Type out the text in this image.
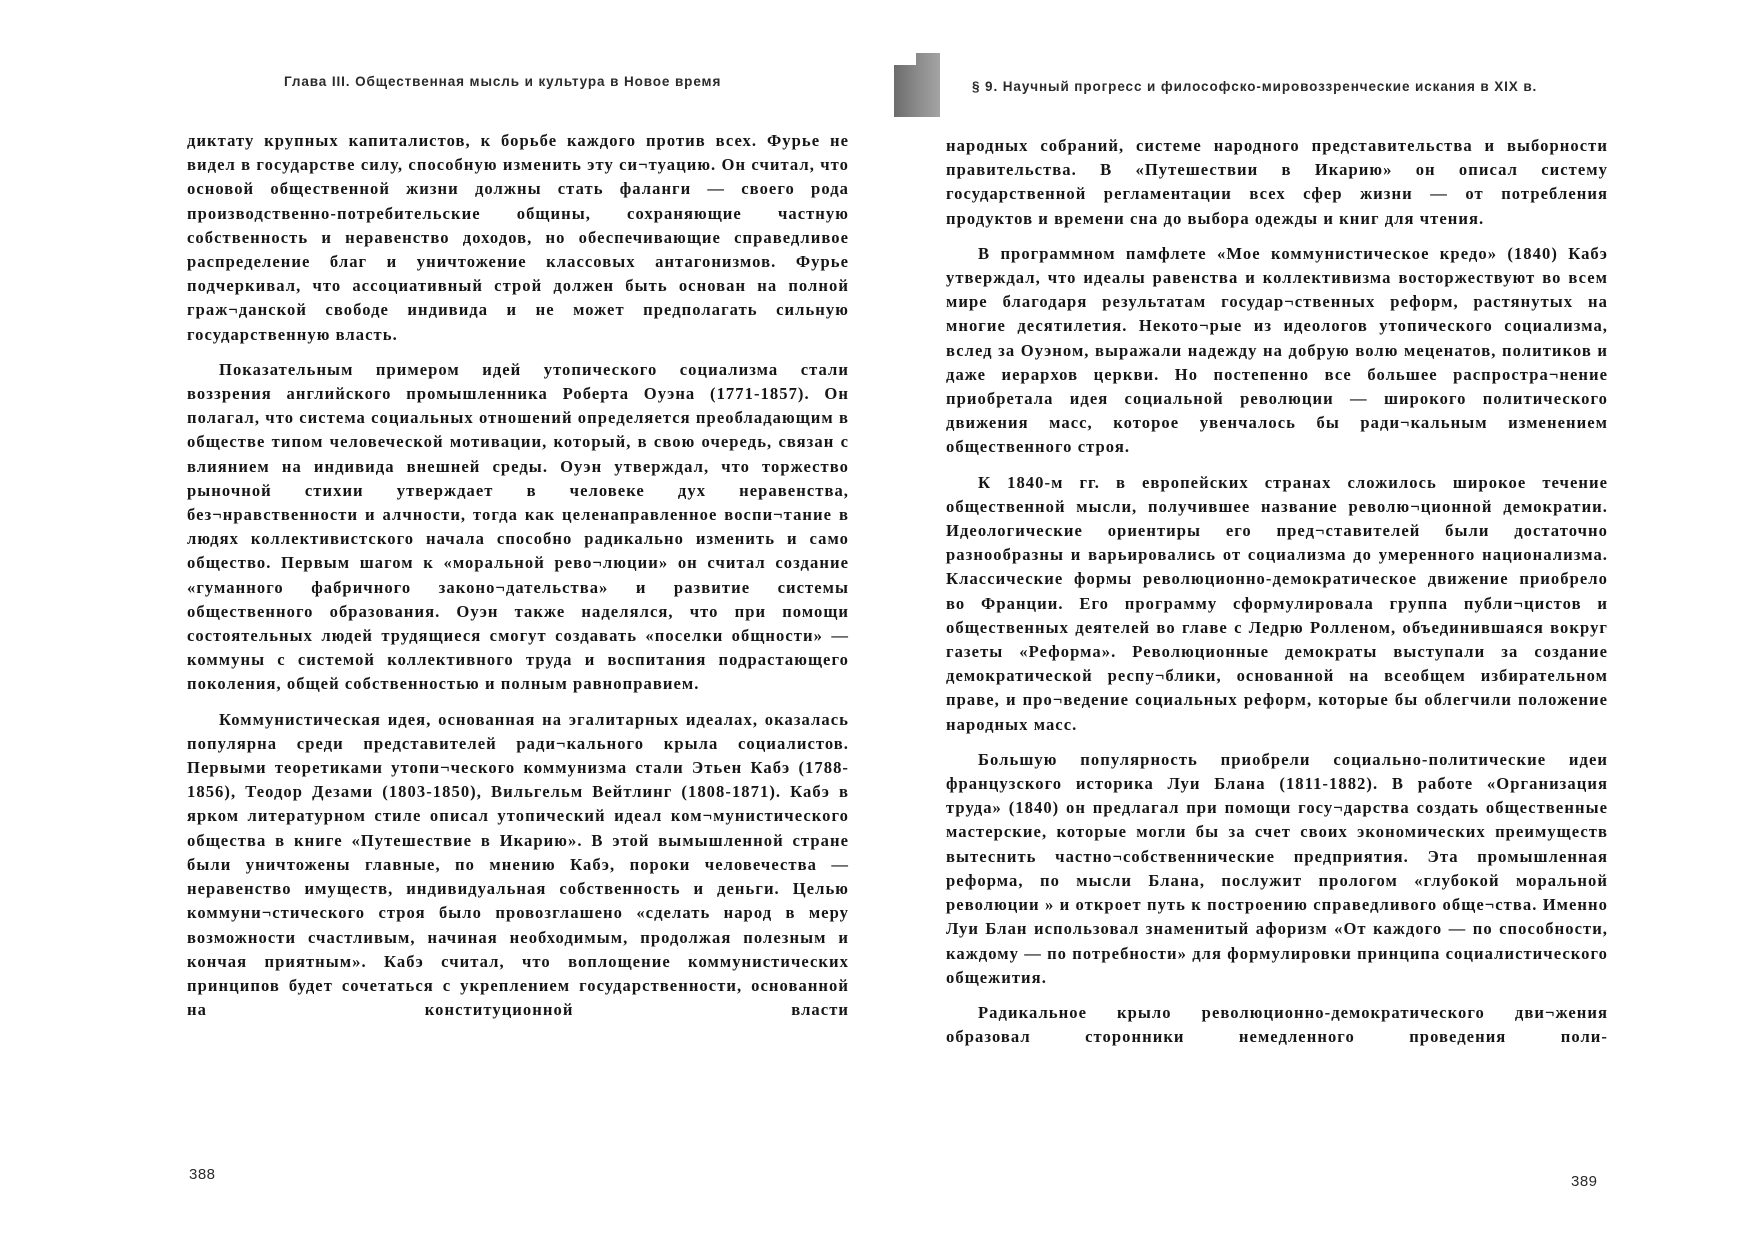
Глава III. Общественная мысль и культура в Новое время	§ 9. Научный прогресс и философско-мировоззренческие искания в XIX в.

диктату крупных капиталистов, к борьбе каждого против всех. Фурье не видел в государстве силу, способную изменить эту си¬туацию. Он считал, что основой общественной жизни должны стать фаланги — своего рода производственно-потребительские общины, сохраняющие частную собственность и неравенство доходов, но обеспечивающие справедливое распределение благ и уничтожение классовых антагонизмов. Фурье подчеркивал, что ассоциативный строй должен быть основан на полной граж¬данской свободе индивида и не может предполагать сильную государственную власть.

Показательным примером идей утопического социализма стали воззрения английского промышленника Роберта Оуэна (1771-1857). Он полагал, что система социальных отношений определяется преобладающим в обществе типом человеческой мотивации, который, в свою очередь, связан с влиянием на индивида внешней среды. Оуэн утверждал, что торжество рыночной стихии утверждает в человеке дух неравенства, без¬нравственности и алчности, тогда как целенаправленное воспи¬тание в людях коллективистского начала способно радикально изменить и само общество. Первым шагом к «моральной рево¬люции» он считал создание «гуманного фабричного законо¬дательства» и развитие системы общественного образования. Оуэн также наделялся, что при помощи состоятельных людей трудящиеся смогут создавать «поселки общности» —коммуны с системой коллективного труда и воспитания подрастающего поколения, общей собственностью и полным равноправием.

Коммунистическая идея, основанная на эгалитарных идеалах, оказалась популярна среди представителей ради¬кального крыла социалистов. Первыми теоретиками утопи¬ческого коммунизма стали Этьен Кабэ (1788-1856), Теодор Дезами (1803-1850), Вильгельм Вейтлинг (1808-1871). Кабэ в ярком литературном стиле описал утопический идеал ком¬мунистического общества в книге «Путешествие в Икарию». В этой вымышленной стране были уничтожены главные, по мнению Кабэ, пороки человечества — неравенство имуществ, индивидуальная собственность и деньги. Целью коммуни¬стического строя было провозглашено «сделать народ в меру возможности счастливым, начиная необходимым, продолжая полезным и кончая приятным». Кабэ считал, что воплощение коммунистических принципов будет сочетаться с укреплением государственности, основанной на конституционной власти

народных собраний, системе народного представительства и выборности правительства. В «Путешествии в Икарию» он описал систему государственной регламентации всех сфер жизни — от потребления продуктов и времени сна до выбора одежды и книг для чтения.

В программном памфлете «Мое коммунистическое кредо» (1840) Кабэ утверждал, что идеалы равенства и коллективизма восторжествуют во всем мире благодаря результатам государ¬ственных реформ, растянутых на многие десятилетия. Некото¬рые из идеологов утопического социализма, вслед за Оуэном, выражали надежду на добрую волю меценатов, политиков и даже иерархов церкви. Но постепенно все большее распростра¬нение приобретала идея социальной революции — широкого политического движения масс, которое увенчалось бы ради¬кальным изменением общественного строя.

К 1840-м гг. в европейских странах сложилось широкое течение общественной мысли, получившее название револю¬ционной демократии. Идеологические ориентиры его пред¬ставителей были достаточно разнообразны и варьировались от социализма до умеренного национализма. Классические формы революционно-демократическое движение приобрело во Франции. Его программу сформулировала группа публи¬цистов и общественных деятелей во главе с Ледрю Ролленом, объединившаяся вокруг газеты «Реформа». Революционные демократы выступали за создание демократической респу¬блики, основанной на всеобщем избирательном праве, и про¬ведение социальных реформ, которые бы облегчили положение народных масс.

Большую популярность приобрели социально-политические идеи французского историка Луи Блана (1811-1882). В работе «Организация труда» (1840) он предлагал при помощи госу¬дарства создать общественные мастерские, которые могли бы за счет своих экономических преимуществ вытеснить частно¬собственнические предприятия. Эта промышленная реформа, по мысли Блана, послужит прологом «глубокой моральной революции » и откроет путь к построению справедливого обще¬ства. Именно Луи Блан использовал знаменитый афоризм «От каждого — по способности, каждому — по потребности» для формулировки принципа социалистического общежития.

Радикальное крыло революционно-демократического дви¬жения образовал сторонники немедленного проведения поли-

388	389
